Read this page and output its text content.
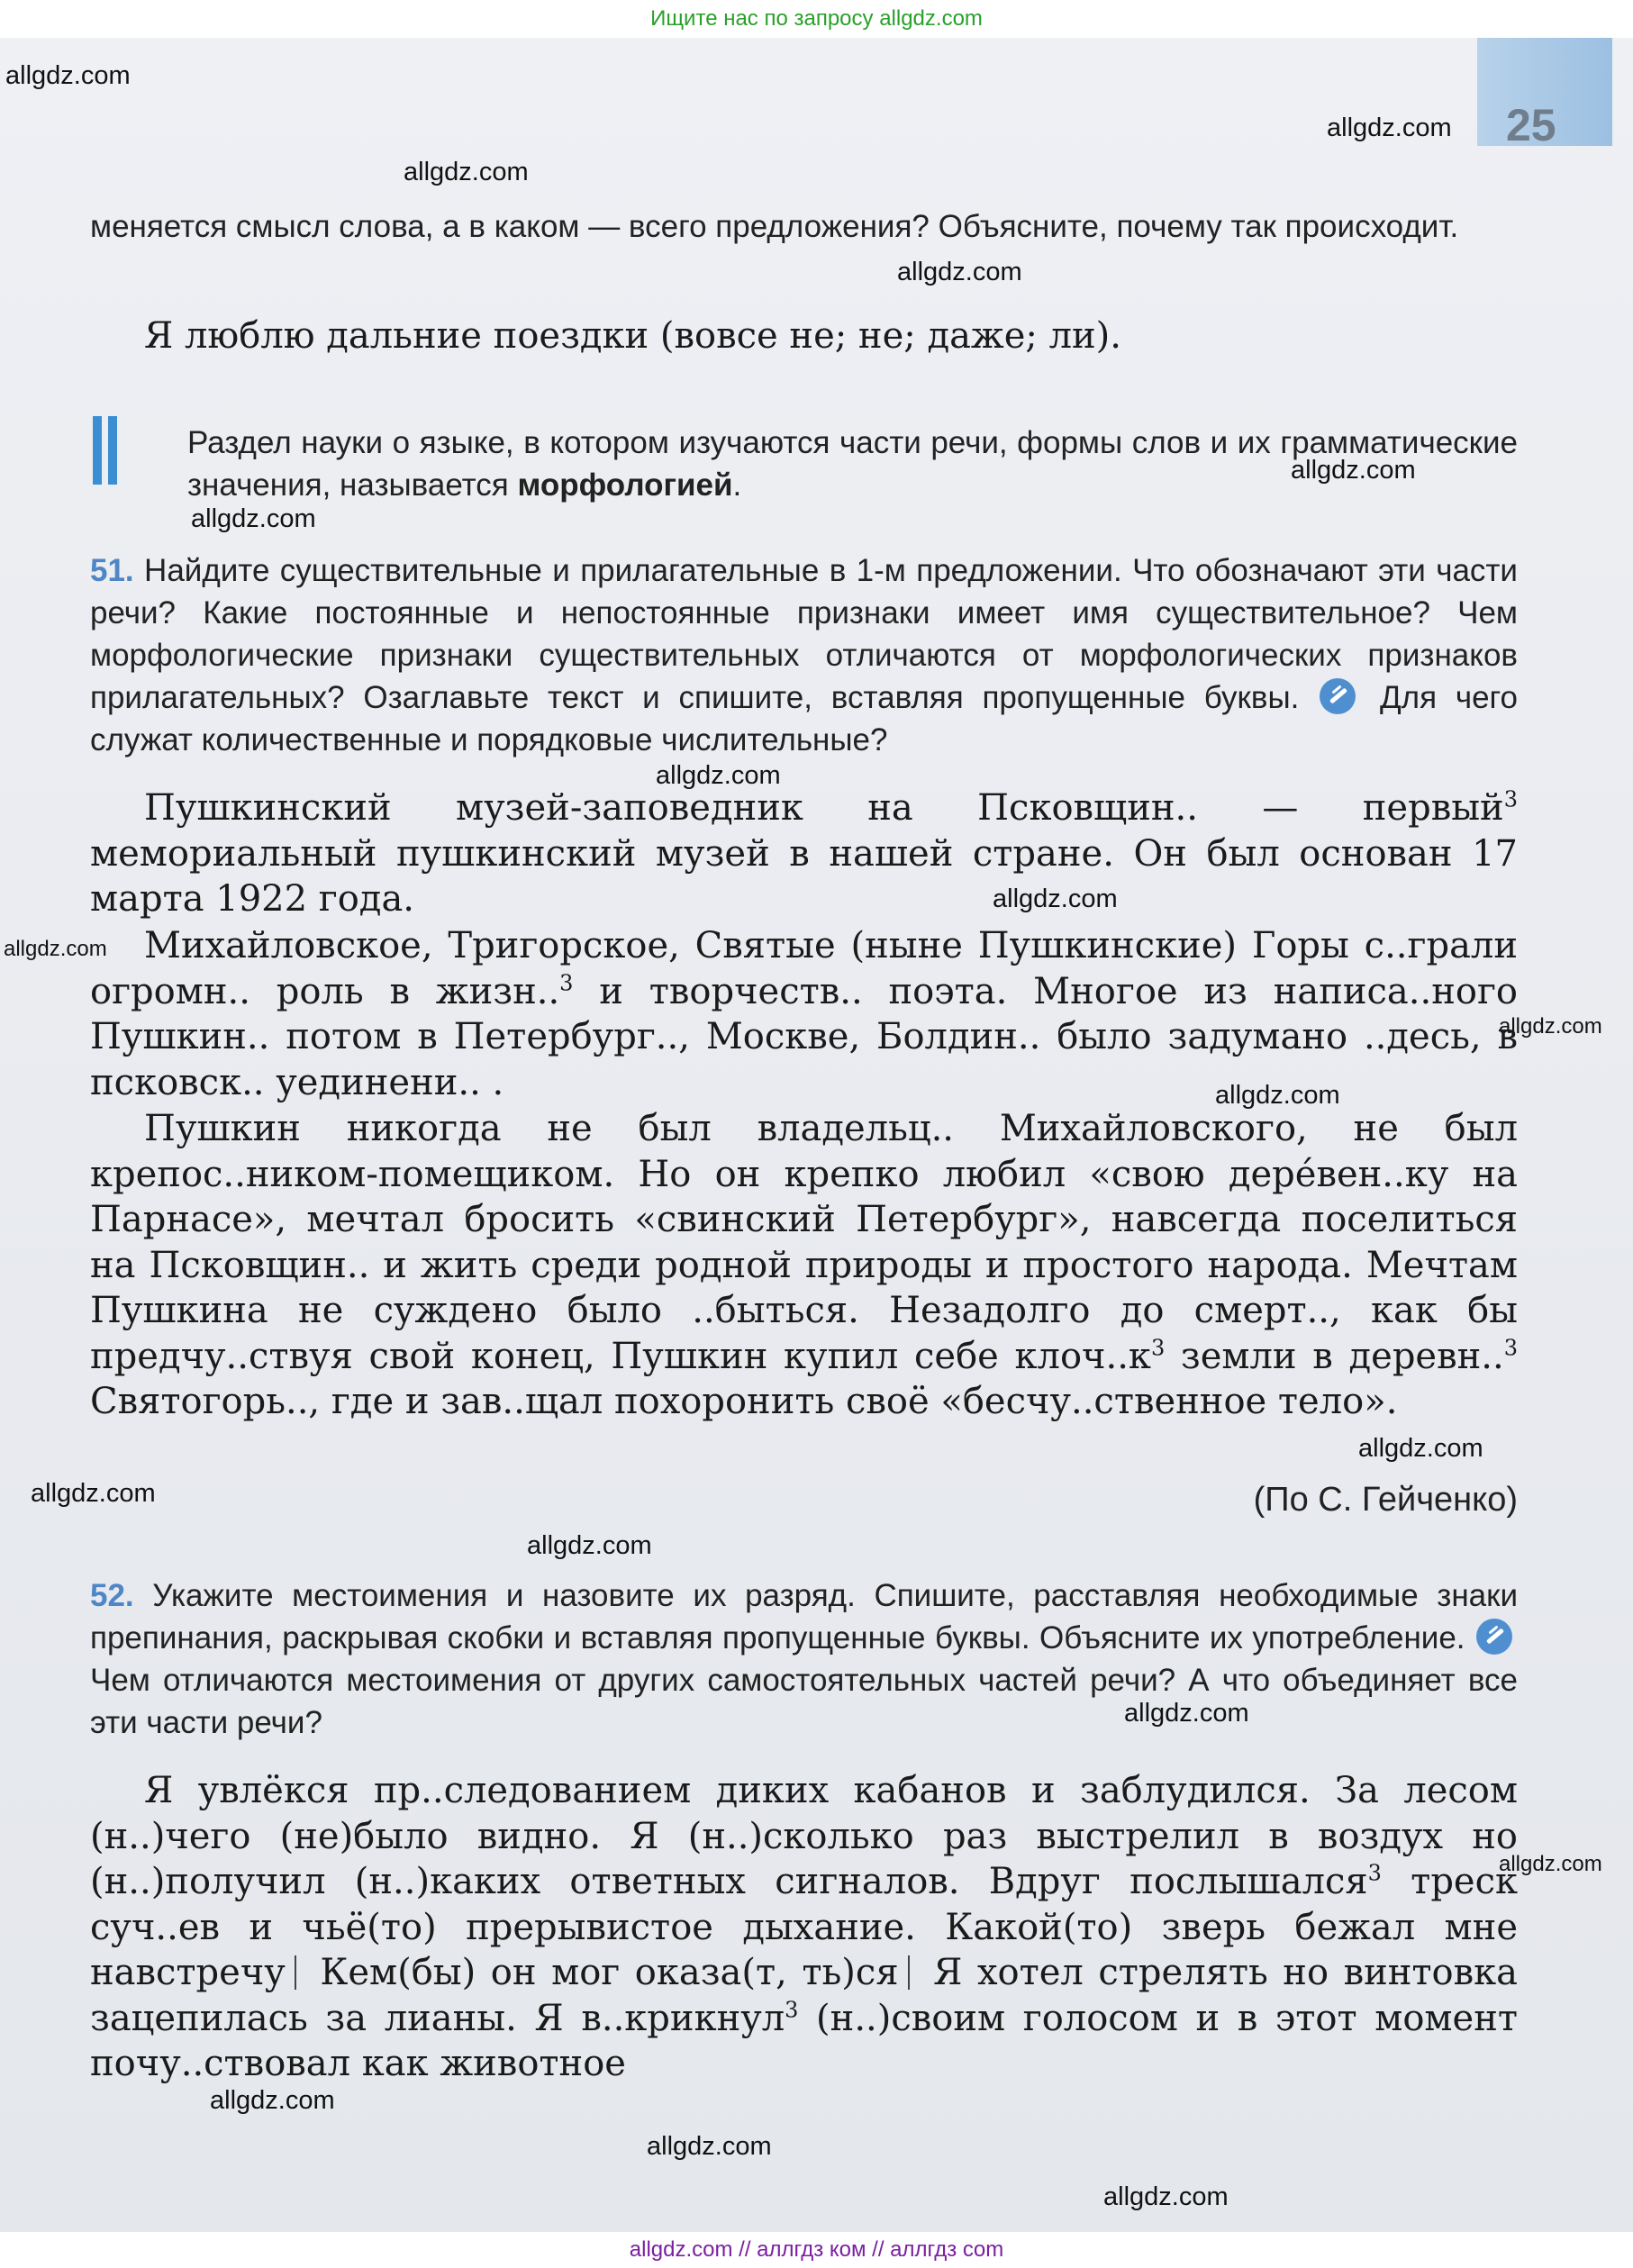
Ищите нас по запросу allgdz.com
25
allgdz.com
allgdz.com
allgdz.com
allgdz.com
allgdz.com
allgdz.com
allgdz.com
allgdz.com
allgdz.com
allgdz.com
allgdz.com
allgdz.com
allgdz.com
allgdz.com
allgdz.com
allgdz.com
allgdz.com
allgdz.com
allgdz.com
меняется смысл слова, а в каком — всего предложения? Объясните, почему так происходит.
Я люблю дальние поездки (вовсе не; не; даже; ли).

Раздел науки о языке, в котором изучаются части речи, формы слов и их грамматические значения, называется морфологией.

51. Найдите существительные и прилагательные в 1-м предложении. Что обозначают эти части речи? Какие постоянные и непостоянные признаки имеет имя существительное? Чем морфологические признаки существительных отличаются от морфологических признаков прилагательных? Озаглавьте текст и спишите, вставляя пропущенные буквы.	Для чего служат количественные и порядковые числительные?
Пушкинский музей-заповедник на Псковщин.. — первый$^3$ мемориальный пушкинский музей в нашей стране. Он был основан 17 марта 1922 года.
Михайловское, Тригорское, Святые (ныне Пушкинские) Горы с..грали огромн.. роль в жизн..$^3$ и творчеств.. поэта. Многое из написа..ного Пушкин.. потом в Петербург.., Москве, Болдин.. было задумано ..десь, в псковск.. уединени.. .
Пушкин никогда не был владельц.. Михайловского, не был крепос..ником-помещиком. Но он крепко любил «свою дерéвен..ку на Парнасе», мечтал бросить «свинский Петербург», навсегда поселиться на Псковщин.. и жить среди родной природы и простого народа. Мечтам Пушкина не суждено было ..быться. Незадолго до смерт.., как бы предчу..ствуя свой конец, Пушкин купил себе $клоч..к^3$ земли в деревн..$^3$ Святогорь.., где и зав..щал похоронить своё «бесчу..ственное тело».
(По С. Гейченко)
52. Укажите местоимения и назовите их разряд. Спишите, расставляя необходимые знаки препинания, раскрывая скобки и вставляя пропущенные буквы. Объясните их употребление.  Чем отличаются местоимения от других самостоятельных частей речи? А что объединяет все эти части речи?
Я увлёкся пр..следованием диких кабанов и заблудился. За лесом (н..)чего (не)было видно. Я (н..)сколько раз выстрелил в воздух но (н..)получил (н..)каких ответных сигналов. Вдруг послышался$^3$ треск суч..ев и чьё(то) прерывистое дыхание. Какой(то) зверь бежал мне навстречу Кем(бы) он мог оказа(т, ть)ся Я хотел стрелять но винтовка зацепилась за лианы. Я в..крикнул$^3$ (н..)своим голосом и в этот момент почу..ствовал как животное
allgdz.com // аллгдз ком // аллгдз com
